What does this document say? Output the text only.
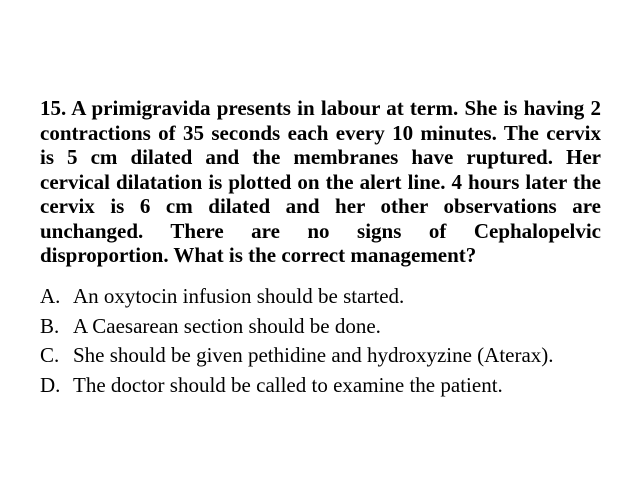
15. A primigravida presents in labour at term. She is having 2 contractions of 35 seconds each every 10 minutes. The cervix is 5 cm dilated and the membranes have ruptured. Her cervical dilatation is plotted on the alert line. 4 hours later the cervix is 6 cm dilated and her other observations are unchanged. There are no signs of Cephalopelvic disproportion. What is the correct management?

A. An oxytocin infusion should be started.
B. A Caesarean section should be done.
C. She should be given pethidine and hydroxyzine (Aterax).
D. The doctor should be called to examine the patient.
